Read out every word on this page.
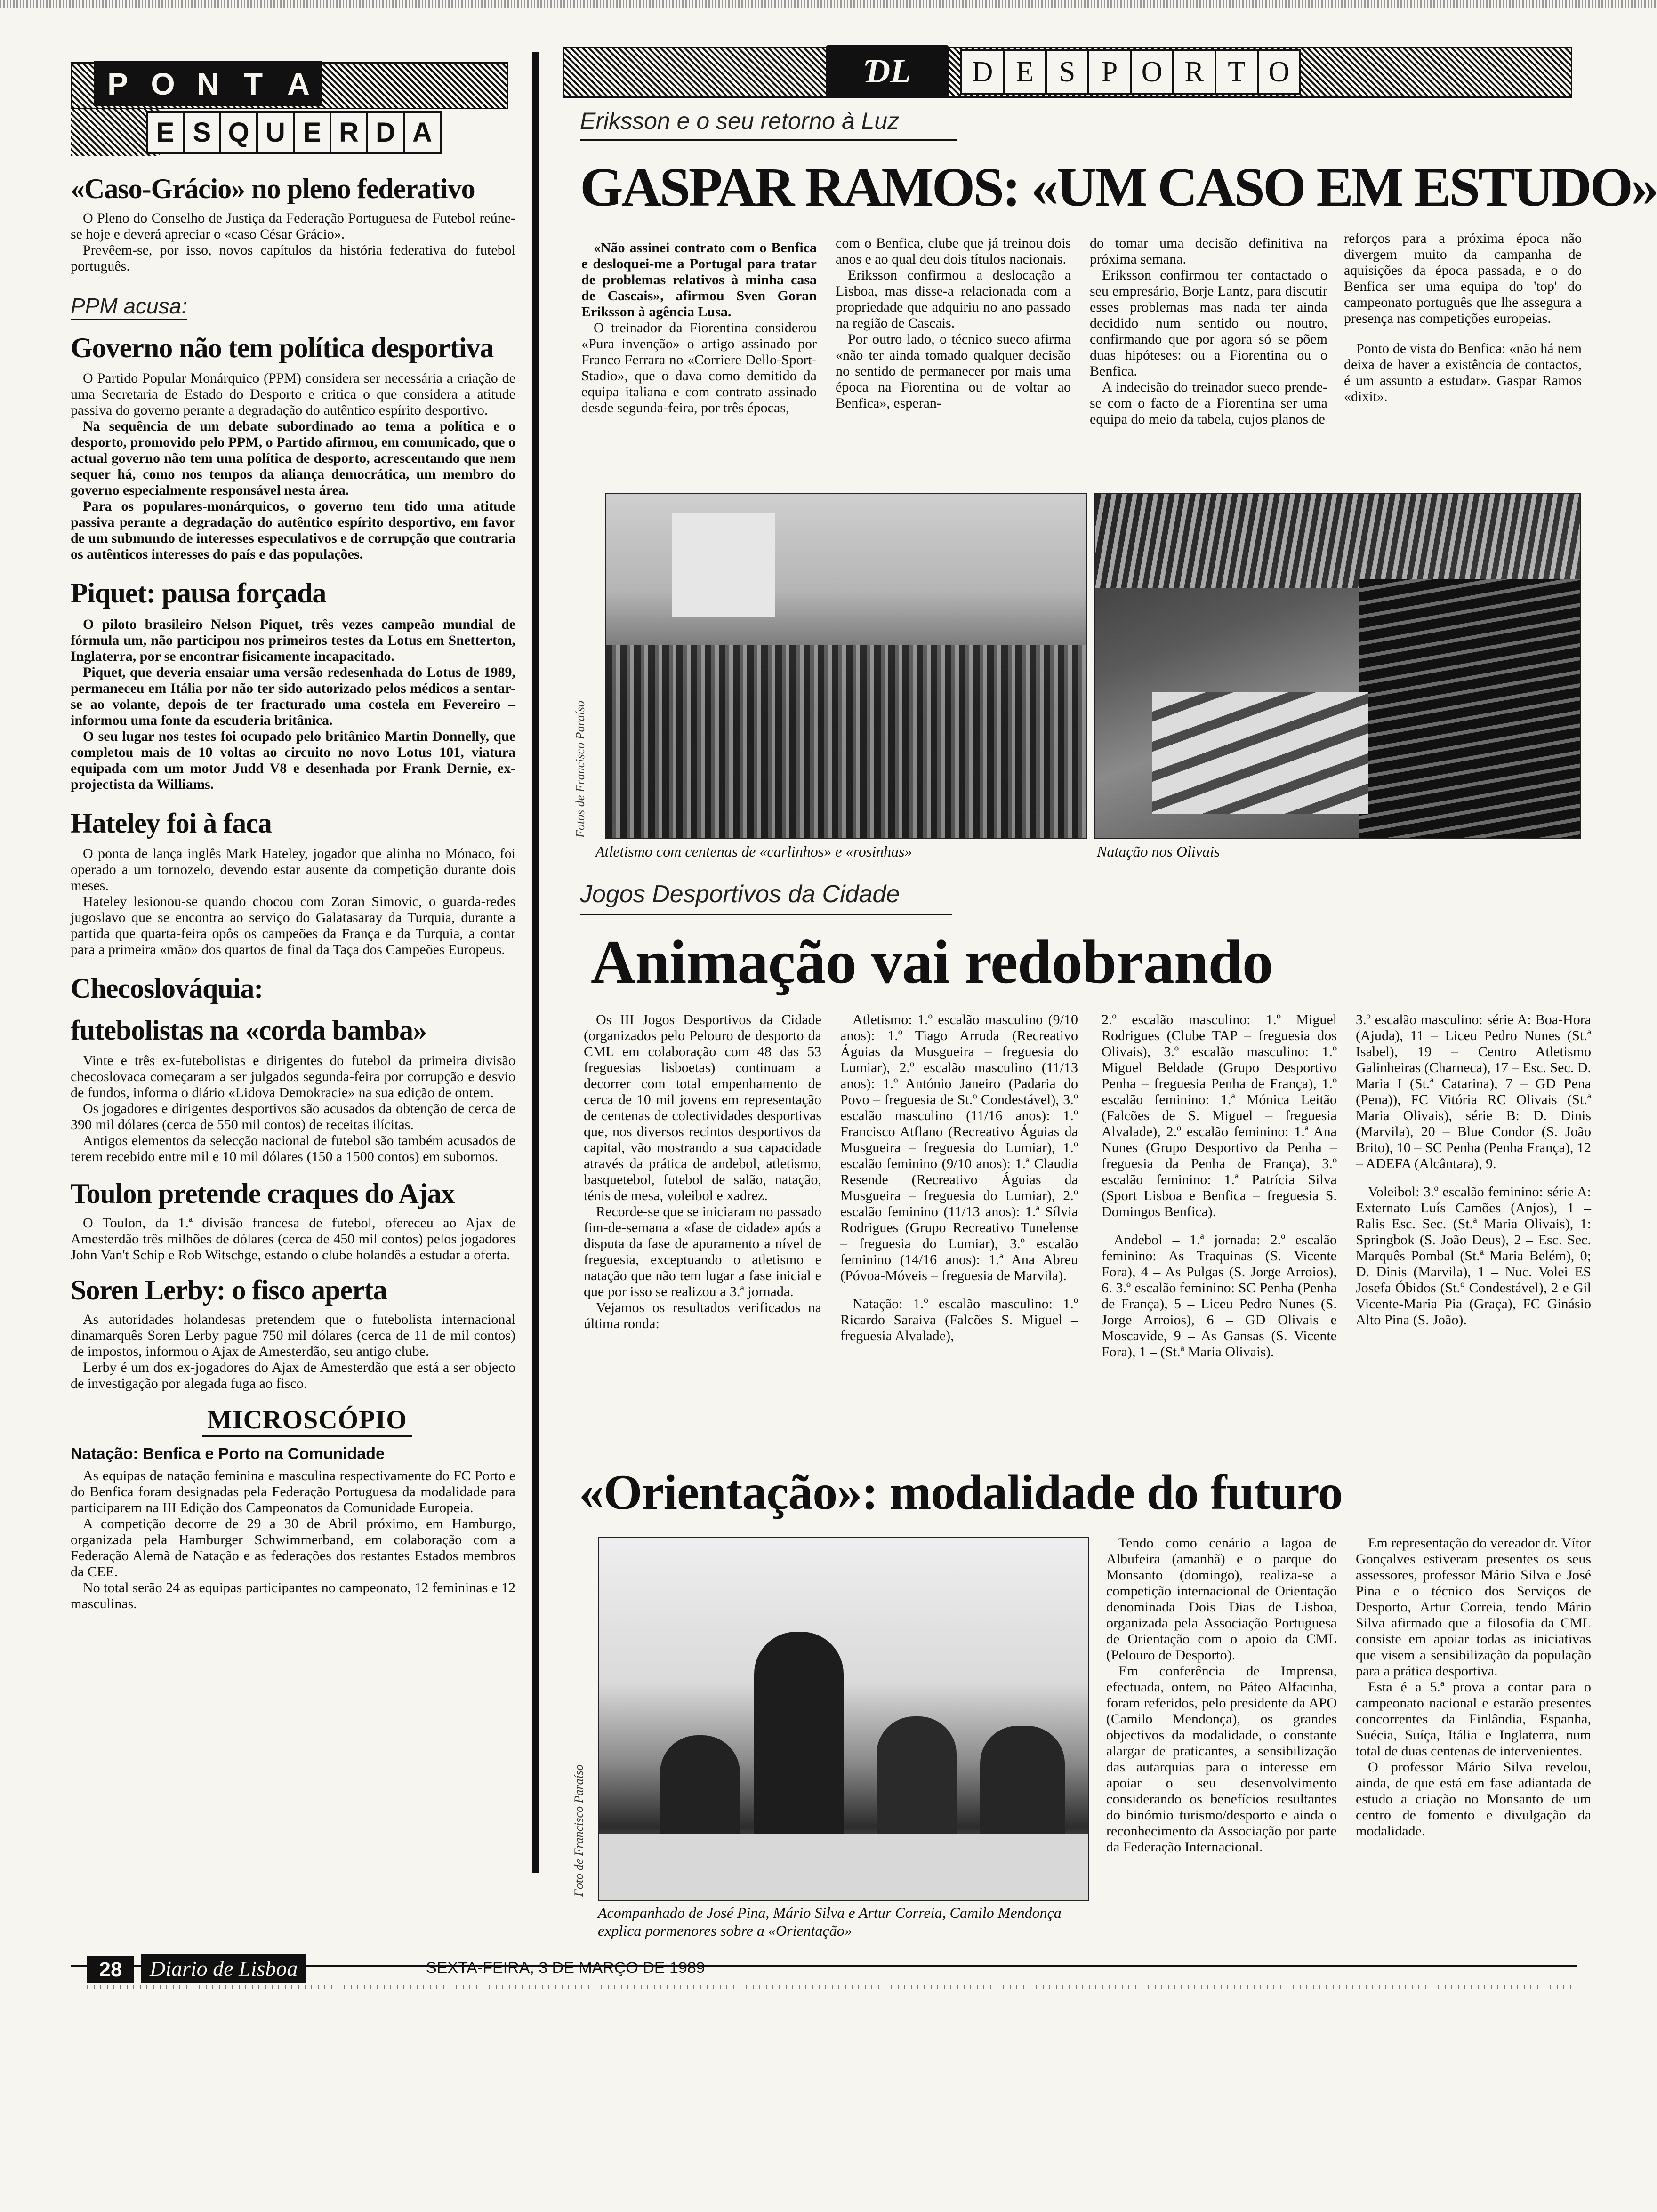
P O N T A
E S Q U E R D A
«Caso-Grácio» no pleno federativo

O Pleno do Conselho de Justiça da Federação Portuguesa de Futebol reúne-se hoje e deverá apreciar o «caso César Grácio».

Prevêem-se, por isso, novos capítulos da história federativa do futebol português.

PPM acusa:
Governo não tem política desportiva

O Partido Popular Monárquico (PPM) considera ser necessária a criação de uma Secretaria de Estado do Desporto e critica o que considera a atitude passiva do governo perante a degradação do autêntico espírito desportivo.

Na sequência de um debate subordinado ao tema a política e o desporto, promovido pelo PPM, o Partido afirmou, em comunicado, que o actual governo não tem uma política de desporto, acrescentando que nem sequer há, como nos tempos da aliança democrática, um membro do governo especialmente responsável nesta área.

Para os populares-monárquicos, o governo tem tido uma atitude passiva perante a degradação do autêntico espírito desportivo, em favor de um submundo de interesses especulativos e de corrupção que contraria os autênticos interesses do país e das populações.

Piquet: pausa forçada

O piloto brasileiro Nelson Piquet, três vezes campeão mundial de fórmula um, não participou nos primeiros testes da Lotus em Snetterton, Inglaterra, por se encontrar fisicamente incapacitado.

Piquet, que deveria ensaiar uma versão redesenhada do Lotus de 1989, permaneceu em Itália por não ter sido autorizado pelos médicos a sentar-se ao volante, depois de ter fracturado uma costela em Fevereiro – informou uma fonte da escuderia britânica.

O seu lugar nos testes foi ocupado pelo britânico Martin Donnelly, que completou mais de 10 voltas ao circuito no novo Lotus 101, viatura equipada com um motor Judd V8 e desenhada por Frank Dernie, ex-projectista da Williams.

Hateley foi à faca

O ponta de lança inglês Mark Hateley, jogador que alinha no Mónaco, foi operado a um tornozelo, devendo estar ausente da competição durante dois meses.

Hateley lesionou-se quando chocou com Zoran Simovic, o guarda-redes jugoslavo que se encontra ao serviço do Galatasaray da Turquia, durante a partida que quarta-feira opôs os campeões da França e da Turquia, a contar para a primeira «mão» dos quartos de final da Taça dos Campeões Europeus.

Checoslováquia:
futebolistas na «corda bamba»

Vinte e três ex-futebolistas e dirigentes do futebol da primeira divisão checoslovaca começaram a ser julgados segunda-feira por corrupção e desvio de fundos, informa o diário «Lidova Demokracie» na sua edição de ontem.

Os jogadores e dirigentes desportivos são acusados da obtenção de cerca de 390 mil dólares (cerca de 550 mil contos) de receitas ilícitas.

Antigos elementos da selecção nacional de futebol são também acusados de terem recebido entre mil e 10 mil dólares (150 a 1500 contos) em subornos.

Toulon pretende craques do Ajax

O Toulon, da 1.ª divisão francesa de futebol, ofereceu ao Ajax de Amesterdão três milhões de dólares (cerca de 450 mil contos) pelos jogadores John Van't Schip e Rob Witschge, estando o clube holandês a estudar a oferta.

Soren Lerby: o fisco aperta

As autoridades holandesas pretendem que o futebolista internacional dinamarquês Soren Lerby pague 750 mil dólares (cerca de 11 de mil contos) de impostos, informou o Ajax de Amesterdão, seu antigo clube.

Lerby é um dos ex-jogadores do Ajax de Amesterdão que está a ser objecto de investigação por alegada fuga ao fisco.

MICROSCÓPIO
Natação: Benfica e Porto na Comunidade

As equipas de natação feminina e masculina respectivamente do FC Porto e do Benfica foram designadas pela Federação Portuguesa da modalidade para participarem na III Edição dos Campeonatos da Comunidade Europeia.

A competição decorre de 29 a 30 de Abril próximo, em Hamburgo, organizada pela Hamburger Schwimmerband, em colaboração com a Federação Alemã de Natação e as federações dos restantes Estados membros da CEE.

No total serão 24 as equipas participantes no campeonato, 12 femininas e 12 masculinas.

ƊL	D E S P O R T O
Eriksson e o seu retorno à Luz
GASPAR RAMOS: «UM CASO EM ESTUDO»

«Não assinei contrato com o Benfica e desloquei-me a Portugal para tratar de problemas relativos à minha casa de Cascais», afirmou Sven Goran Eriksson à agência Lusa.

O treinador da Fiorentina considerou «Pura invenção» o artigo assinado por Franco Ferrara no «Corriere Dello-Sport-Stadio», que o dava como demitido da equipa italiana e com contrato assinado desde segunda-feira, por três épocas,

com o Benfica, clube que já treinou dois anos e ao qual deu dois títulos nacionais.

Eriksson confirmou a deslocação a Lisboa, mas disse-a relacionada com a propriedade que adquiriu no ano passado na região de Cascais.

Por outro lado, o técnico sueco afirma «não ter ainda tomado qualquer decisão no sentido de permanecer por mais uma época na Fiorentina ou de voltar ao Benfica», esperan-

do tomar uma decisão definitiva na próxima semana.

Eriksson confirmou ter contactado o seu empresário, Borje Lantz, para discutir esses problemas mas nada ter ainda decidido num sentido ou noutro, confirmando que por agora só se põem duas hipóteses: ou a Fiorentina ou o Benfica.

A indecisão do treinador sueco prende-se com o facto de a Fiorentina ser uma equipa do meio da tabela, cujos planos de

reforços para a próxima época não divergem muito da campanha de aquisições da época passada, e o do Benfica ser uma equipa do 'top' do campeonato português que lhe assegura a presença nas competições europeias.

Ponto de vista do Benfica: «não há nem deixa de haver a existência de contactos, é um assunto a estudar». Gaspar Ramos «dixit».

Fotos de Francisco Paraíso
Atletismo com centenas de «carlinhos» e «rosinhas»	Natação nos Olivais
Jogos Desportivos da Cidade
Animação vai redobrando

Os III Jogos Desportivos da Cidade (organizados pelo Pelouro de desporto da CML em colaboração com 48 das 53 freguesias lisboetas) continuam a decorrer com total empenhamento de cerca de 10 mil jovens em representação de centenas de colectividades desportivas que, nos diversos recintos desportivos da capital, vão mostrando a sua capacidade através da prática de andebol, atletismo, basquetebol, futebol de salão, natação, ténis de mesa, voleibol e xadrez.

Recorde-se que se iniciaram no passado fim-de-semana a «fase de cidade» após a disputa da fase de apuramento a nível de freguesia, exceptuando o atletismo e natação que não tem lugar a fase inicial e que por isso se realizou a 3.ª jornada.

Vejamos os resultados verificados na última ronda:

Atletismo: 1.º escalão masculino (9/10 anos): 1.º Tiago Arruda (Recreativo Águias da Musgueira – freguesia do Lumiar), 2.º escalão masculino (11/13 anos): 1.º António Janeiro (Padaria do Povo – freguesia de St.º Condestável), 3.º escalão masculino (11/16 anos): 1.º Francisco Atflano (Recreativo Águias da Musgueira – freguesia do Lumiar), 1.º escalão feminino (9/10 anos): 1.ª Claudia Resende (Recreativo Águias da Musgueira – freguesia do Lumiar), 2.º escalão feminino (11/13 anos): 1.ª Sílvia Rodrigues (Grupo Recreativo Tunelense – freguesia do Lumiar), 3.º escalão feminino (14/16 anos): 1.ª Ana Abreu (Póvoa-Móveis – freguesia de Marvila).

Natação: 1.º escalão masculino: 1.º Ricardo Saraiva (Falcões S. Miguel – freguesia Alvalade),

2.º escalão masculino: 1.º Miguel Rodrigues (Clube TAP – freguesia dos Olivais), 3.º escalão masculino: 1.º Miguel Beldade (Grupo Desportivo Penha – freguesia Penha de França), 1.º escalão feminino: 1.ª Mónica Leitão (Falcões de S. Miguel – freguesia Alvalade), 2.º escalão feminino: 1.ª Ana Nunes (Grupo Desportivo da Penha – freguesia da Penha de França), 3.º escalão feminino: 1.ª Patrícia Silva (Sport Lisboa e Benfica – freguesia S. Domingos Benfica).

Andebol – 1.ª jornada: 2.º escalão feminino: As Traquinas (S. Vicente Fora), 4 – As Pulgas (S. Jorge Arroios), 6. 3.º escalão feminino: SC Penha (Penha de França), 5 – Liceu Pedro Nunes (S. Jorge Arroios), 6 – GD Olivais e Moscavide, 9 – As Gansas (S. Vicente Fora), 1 – (St.ª Maria Olivais).

3.º escalão masculino: série A: Boa-Hora (Ajuda), 11 – Liceu Pedro Nunes (St.ª Isabel), 19 – Centro Atletismo Galinheiras (Charneca), 17 – Esc. Sec. D. Maria I (St.ª Catarina), 7 – GD Pena (Pena)), FC Vitória RC Olivais (St.ª Maria Olivais), série B: D. Dinis (Marvila), 20 – Blue Condor (S. João Brito), 10 – SC Penha (Penha França), 12 – ADEFA (Alcântara), 9.

Voleibol: 3.º escalão feminino: série A: Externato Luís Camões (Anjos), 1 – Ralis Esc. Sec. (St.ª Maria Olivais), 1: Springbok (S. João Deus), 2 – Esc. Sec. Marquês Pombal (St.ª Maria Belém), 0; D. Dinis (Marvila), 1 – Nuc. Volei ES Josefa Óbidos (St.º Condestável), 2 e Gil Vicente-Maria Pia (Graça), FC Ginásio Alto Pina (S. João).

«Orientação»: modalidade do futuro
Foto de Francisco Paraíso
Acompanhado de José Pina, Mário Silva e Artur Correia, Camilo Mendonça explica pormenores sobre a «Orientação»

Tendo como cenário a lagoa de Albufeira (amanhã) e o parque do Monsanto (domingo), realiza-se a competição internacional de Orientação denominada Dois Dias de Lisboa, organizada pela Associação Portuguesa de Orientação com o apoio da CML (Pelouro de Desporto).

Em conferência de Imprensa, efectuada, ontem, no Páteo Alfacinha, foram referidos, pelo presidente da APO (Camilo Mendonça), os grandes objectivos da modalidade, o constante alargar de praticantes, a sensibilização das autarquias para o interesse em apoiar o seu desenvolvimento considerando os benefícios resultantes do binómio turismo/desporto e ainda o reconhecimento da Associação por parte da Federação Internacional.

Em representação do vereador dr. Vítor Gonçalves estiveram presentes os seus assessores, professor Mário Silva e José Pina e o técnico dos Serviços de Desporto, Artur Correia, tendo Mário Silva afirmado que a filosofia da CML consiste em apoiar todas as iniciativas que visem a sensibilização da população para a prática desportiva.

Esta é a 5.ª prova a contar para o campeonato nacional e estarão presentes concorrentes da Finlândia, Espanha, Suécia, Suíça, Itália e Inglaterra, num total de duas centenas de intervenientes.

O professor Mário Silva revelou, ainda, de que está em fase adiantada de estudo a criação no Monsanto de um centro de fomento e divulgação da modalidade.

28	Diario de Lisboa	SEXTA-FEIRA, 3 DE MARÇO DE 1989
